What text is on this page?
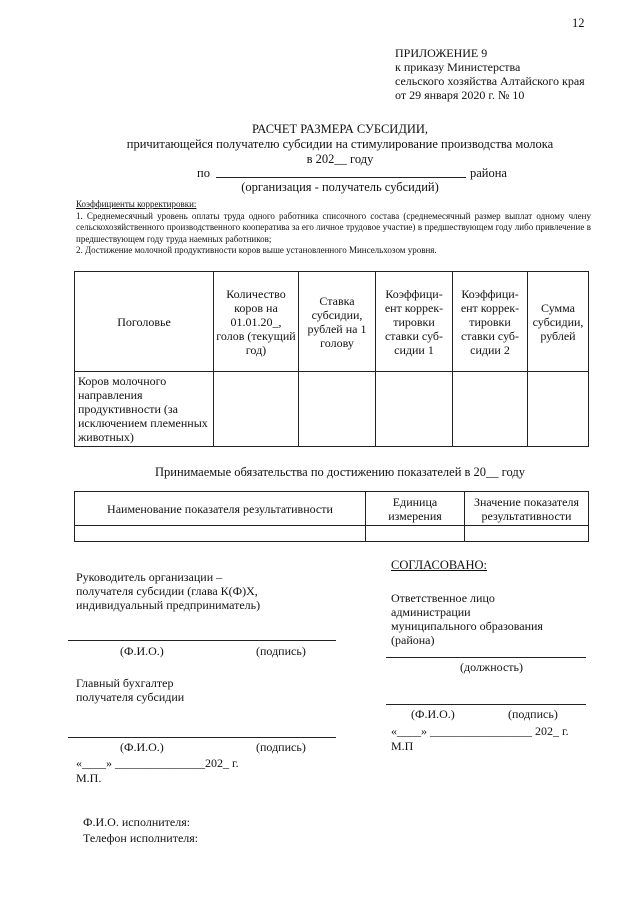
12
ПРИЛОЖЕНИЕ 9
к приказу Министерства
сельского хозяйства Алтайского края
от 29 января 2020 г. № 10
РАСЧЕТ РАЗМЕРА СУБСИДИИ,
причитающейся получателю субсидии на стимулирование производства молока
в 202__ году
по	района
(организация - получатель субсидий)
Коэффициенты корректировки:
1. Среднемесячный уровень оплаты труда одного работника списочного состава (среднемесячный размер выплат одному члену сельскохозяйственного производственного кооператива за его личное трудовое участие) в предшествующем году либо привлечение в предшествующем году труда наемных работников;
2. Достижение молочной продуктивности коров выше установленного Минсельхозом уровня.
Поголовье	Количество коров на 01.01.20_, голов (текущий год)	Ставка субсидии, рублей на 1 голову	Коэффици-ент коррек-тировки ставки суб-сидии 1	Коэффици-ент коррек-тировки ставки суб-сидии 2	Сумма субсидии, рублей
Коров молочного направления продуктивности (за исключением племенных животных)					
Принимаемые обязательства по достижению показателей в 20__ году
Наименование показателя результативности	Единица измерения	Значение показателя результативности

СОГЛАСОВАНО:
Руководитель организации –
получателя субсидии (глава К(Ф)Х,
индивидуальный предприниматель)
(Ф.И.О.)	(подпись)
Ответственное лицо
администрации
муниципального образования
(района)
(должность)
(Ф.И.О.)	(подпись)
«____» _________________ 202_ г.
М.П
Главный бухгалтер
получателя субсидии
(Ф.И.О.)	(подпись)
«____» _______________202_ г.
М.П.
Ф.И.О. исполнителя:
Телефон исполнителя:
